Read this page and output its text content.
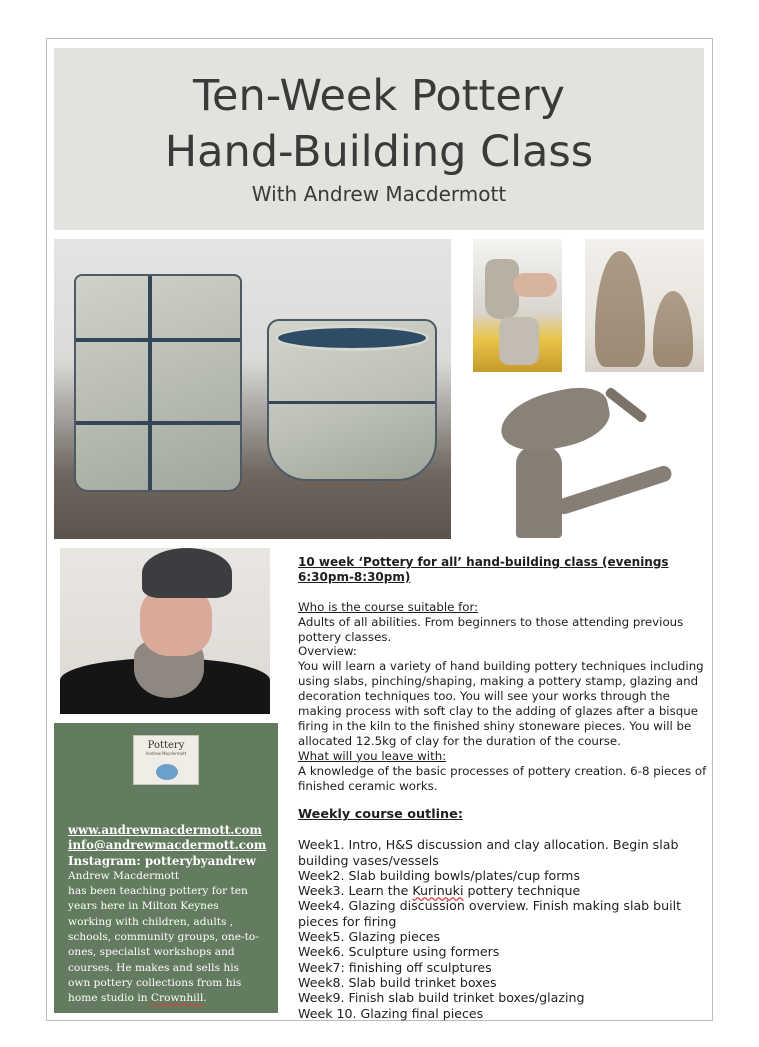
Ten-Week Pottery
Hand-Building Class
With Andrew Macdermott
Pottery
Andrew Macdermott
www.andrewmacdermott.com
info@andrewmacdermott.com
Instagram: potterybyandrew
Andrew Macdermott
has been teaching pottery for ten years here in Milton Keynes working with children, adults , schools, community groups, one-to-ones, specialist workshops and courses. He makes and sells his own pottery collections from his home studio in Crownhill.

10 week ‘Pottery for all’ hand-building class (evenings 6:30pm-8:30pm)

Who is the course suitable for:

Adults of all abilities. From beginners to those attending previous pottery classes.

Overview:

You will learn a variety of hand building pottery techniques including using slabs, pinching/shaping, making a pottery stamp, glazing and decoration techniques too. You will see your works through the making process with soft clay to the adding of glazes after a bisque firing in the kiln to the finished shiny stoneware pieces. You will be allocated 12.5kg of clay for the duration of the course.

What will you leave with:

A knowledge of the basic processes of pottery creation. 6-8 pieces of finished ceramic works.

Weekly course outline:

Week1. Intro, H&S discussion and clay allocation. Begin slab building vases/vessels

Week2. Slab building bowls/plates/cup forms

Week3. Learn the Kurinuki pottery technique

Week4. Glazing discussion overview. Finish making slab built pieces for firing

Week5. Glazing pieces

Week6. Sculpture using formers

Week7: finishing off sculptures

Week8. Slab build trinket boxes

Week9. Finish slab build trinket boxes/glazing

Week 10. Glazing final pieces
